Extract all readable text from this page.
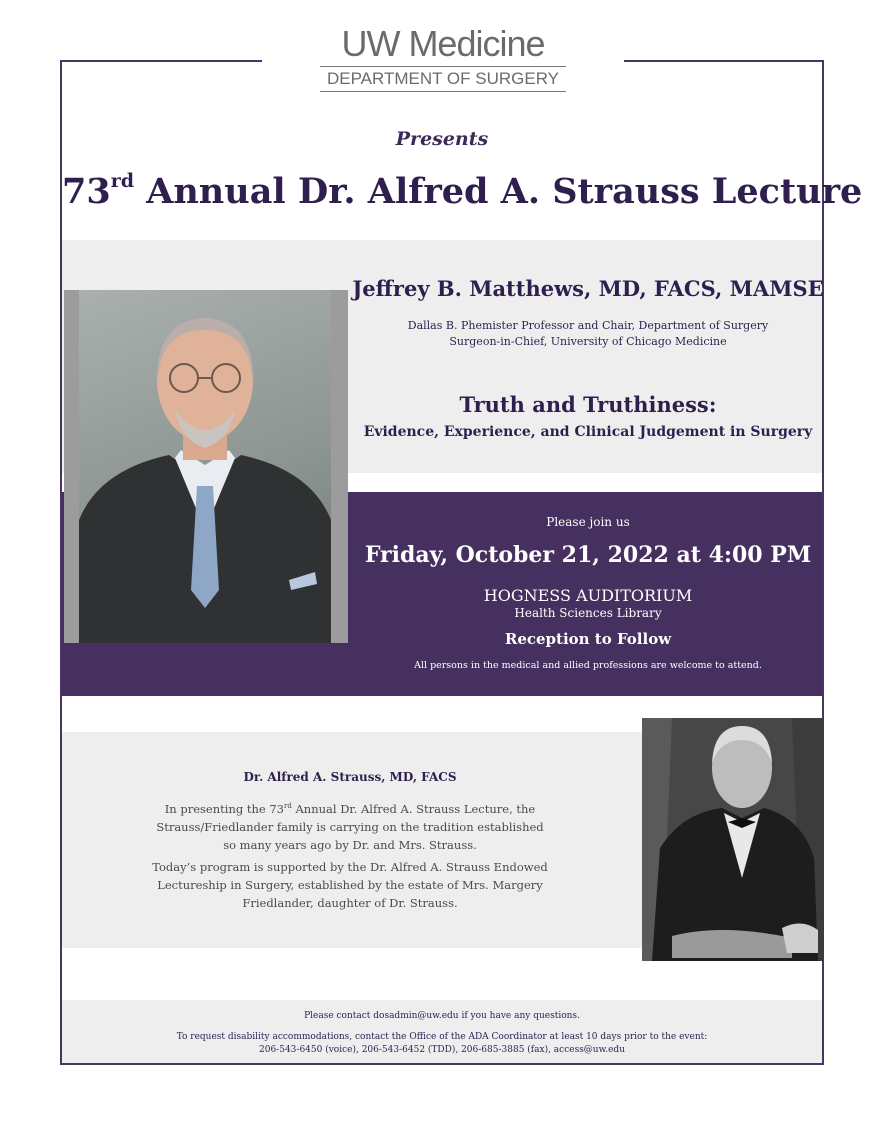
UW Medicine
DEPARTMENT OF SURGERY
Presents
73rd Annual Dr. Alfred A. Strauss Lecture
Jeffrey B. Matthews, MD, FACS, MAMSE
Dallas B. Phemister Professor and Chair, Department of Surgery
Surgeon-in-Chief, University of Chicago Medicine
Truth and Truthiness:
Evidence, Experience, and Clinical Judgement in Surgery
Please join us
Friday, October 21, 2022 at 4:00 PM
HOGNESS AUDITORIUM
Health Sciences Library
Reception to Follow
All persons in the medical and allied professions are welcome to attend.
Dr. Alfred A. Strauss, MD, FACS
In presenting the 73rd Annual Dr. Alfred A. Strauss Lecture, the Strauss/Friedlander family is carrying on the tradition established so many years ago by Dr. and Mrs. Strauss.
Today’s program is supported by the Dr. Alfred A. Strauss Endowed Lectureship in Surgery, established by the estate of Mrs. Margery Friedlander, daughter of Dr. Strauss.
Please contact dosadmin@uw.edu if you have any questions.
To request disability accommodations, contact the Office of the ADA Coordinator at least 10 days prior to the event:
206-543-6450 (voice), 206-543-6452 (TDD), 206-685-3885 (fax), access@uw.edu
